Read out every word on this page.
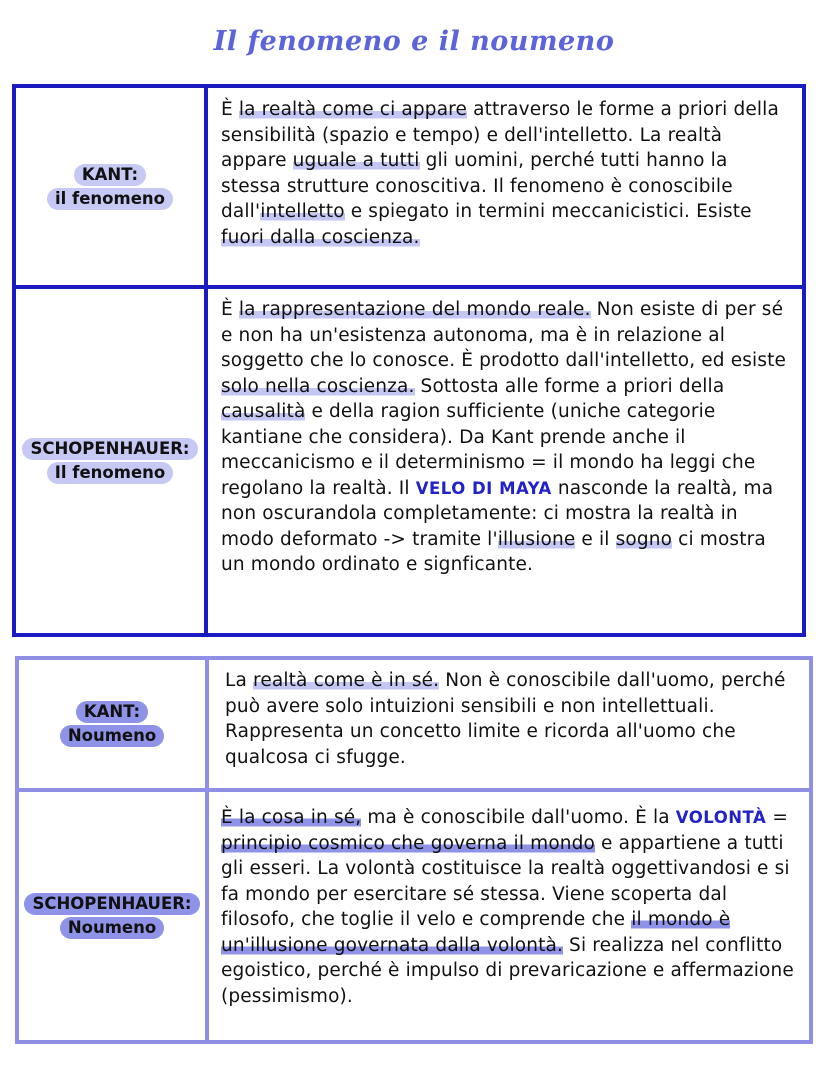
Il fenomeno e il noumeno
KANT:
il fenomeno
È la realtà come ci appare attraverso le forme a priori della sensibilità (spazio e tempo) e dell'intelletto. La realtà appare uguale a tutti gli uomini, perché tutti hanno la stessa strutture conoscitiva. Il fenomeno è conoscibile dall'intelletto e spiegato in termini meccanicistici. Esiste fuori dalla coscienza.
SCHOPENHAUER:
Il fenomeno
È la rappresentazione del mondo reale. Non esiste di per sé e non ha un'esistenza autonoma, ma è in relazione al soggetto che lo conosce. È prodotto dall'intelletto, ed esiste solo nella coscienza. Sottosta alle forme a priori della causalità e della ragion sufficiente (uniche categorie kantiane che considera). Da Kant prende anche il meccanicismo e il determinismo = il mondo ha leggi che regolano la realtà. Il VELO DI MAYA nasconde la realtà, ma non oscurandola completamente: ci mostra la realtà in modo deformato -> tramite l'illusione e il sogno ci mostra un mondo ordinato e signficante.
KANT:
Noumeno
La realtà come è in sé. Non è conoscibile dall'uomo, perché può avere solo intuizioni sensibili e non intellettuali. Rappresenta un concetto limite e ricorda all'uomo che qualcosa ci sfugge.
SCHOPENHAUER:
Noumeno
È la cosa in sé, ma è conoscibile dall'uomo. È la VOLONTÀ = principio cosmico che governa il mondo e appartiene a tutti gli esseri. La volontà costituisce la realtà oggettivandosi e si fa mondo per esercitare sé stessa. Viene scoperta dal filosofo, che toglie il velo e comprende che il mondo è un'illusione governata dalla volontà. Si realizza nel conflitto egoistico, perché è impulso di prevaricazione e affermazione (pessimismo).
